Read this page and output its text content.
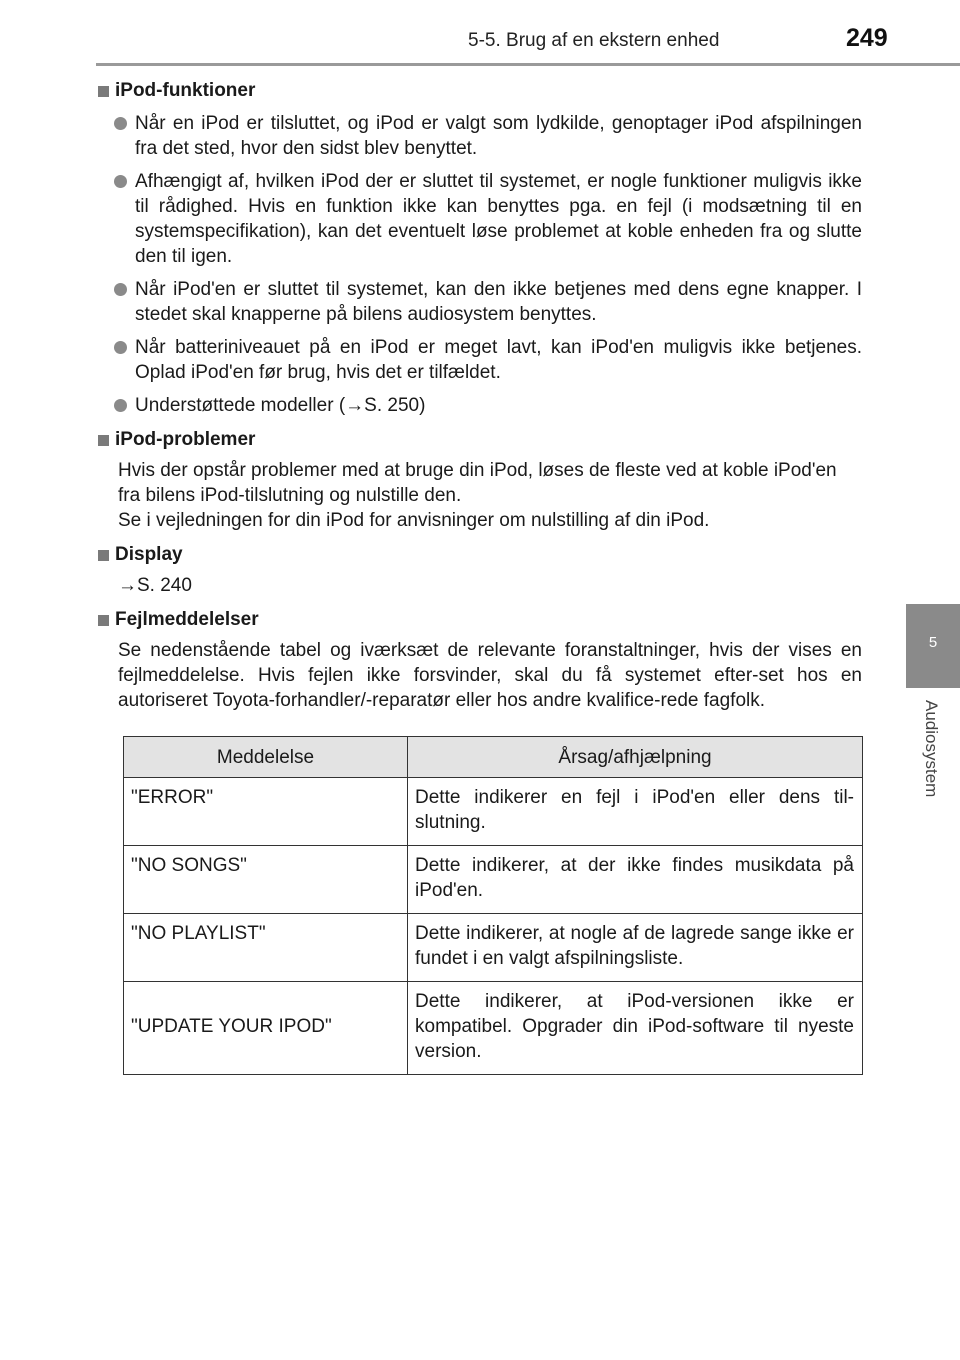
5-5. Brug af en ekstern enhed	249
5
Audiosystem
iPod-funktioner
Når en iPod er tilsluttet, og iPod er valgt som lydkilde, genoptager iPod afspilningen fra det sted, hvor den sidst blev benyttet.
Afhængigt af, hvilken iPod der er sluttet til systemet, er nogle funktioner muligvis ikke til rådighed. Hvis en funktion ikke kan benyttes pga. en fejl (i modsætning til en systemspecifikation), kan det eventuelt løse problemet at koble enheden fra og slutte den til igen.
Når iPod'en er sluttet til systemet, kan den ikke betjenes med dens egne knapper. I stedet skal knapperne på bilens audiosystem benyttes.
Når batteriniveauet på en iPod er meget lavt, kan iPod'en muligvis ikke betjenes. Oplad iPod'en før brug, hvis det er tilfældet.
Understøttede modeller (→S. 250)
iPod-problemer

Hvis der opstår problemer med at bruge din iPod, løses de fleste ved at koble iPod'en fra bilens iPod-tilslutning og nulstille den.

Se i vejledningen for din iPod for anvisninger om nulstilling af din iPod.

Display
→S. 240
Fejlmeddelelser
Se nedenstående tabel og iværksæt de relevante foranstaltninger, hvis der vises en fejlmeddelelse. Hvis fejlen ikke forsvinder, skal du få systemet efter-set hos en autoriseret Toyota-forhandler/-reparatør eller hos andre kvalifice-rede fagfolk.
Meddelelse	Årsag/afhjælpning
"ERROR"	Dette indikerer en fejl i iPod'en eller dens til-slutning.
"NO SONGS"	Dette indikerer, at der ikke findes musikdata på iPod'en.
"NO PLAYLIST"	Dette indikerer, at nogle af de lagrede sange ikke er fundet i en valgt afspilningsliste.
"UPDATE YOUR IPOD"	Dette indikerer, at iPod-versionen ikke er kompatibel. Opgrader din iPod-software til nyeste version.
